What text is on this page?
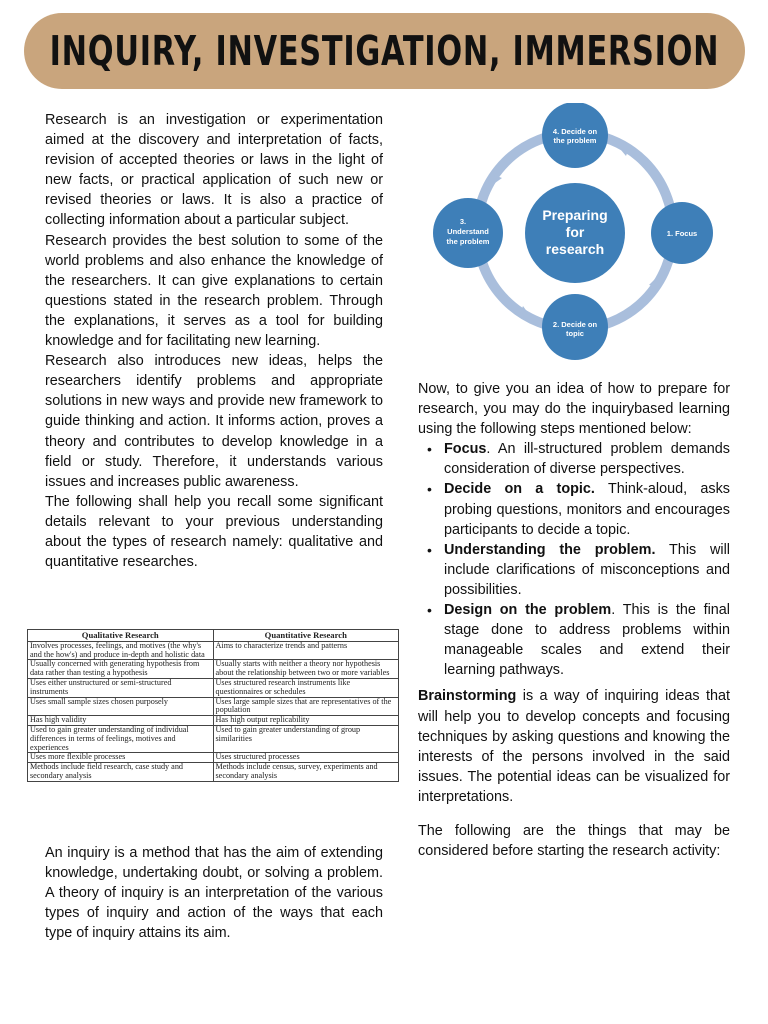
INQUIRY, INVESTIGATION, IMMERSION

Research is an investigation or experimentation aimed at the discovery and interpretation of facts, revision of accepted theories or laws in the light of new facts, or practical application of such new or revised theories or laws. It is also a practice of collecting information about a particular subject.

Research provides the best solution to some of the world problems and also enhance the knowledge of the researchers. It can give explanations to certain questions stated in the research problem. Through the explanations, it serves as a tool for building knowledge and for facilitating new learning.

Research also introduces new ideas, helps the researchers identify problems and appropriate solutions in new ways and provide new framework to guide thinking and action. It informs action, proves a theory and contributes to develop knowledge in a field or study. Therefore, it understands various issues and increases public awareness.

The following shall help you recall some significant details relevant to your previous understanding about the types of research namely: qualitative and quantitative researches.

Qualitative Research	Quantitative Research
Involves processes, feelings, and motives (the why's and the how's) and produce in-depth and holistic data	Aims to characterize trends and patterns
Usually concerned with generating hypothesis from data rather than testing a hypothesis	Usually starts with neither a theory nor hypothesis about the relationship between two or more variables
Uses either unstructured or semi-structured instruments	Uses structured research instruments like questionnaires or schedules
Uses small sample sizes chosen purposely	Uses large sample sizes that are representatives of the population
Has high validity	Has high output replicability
Used to gain greater understanding of individual differences in terms of feelings, motives and experiences	Used to gain greater understanding of group similarities
Uses more flexible processes	Uses structured processes
Methods include field research, case study and secondary analysis	Methods include census, survey, experiments and secondary analysis

An inquiry is a method that has the aim of extending knowledge, undertaking doubt, or solving a problem. A theory of inquiry is an interpretation of the various types of inquiry and action of the ways that each type of inquiry attains its aim.

Preparing
for
research
4. Decide on
the problem
1. Focus
2. Decide on
topic
3.
Understand
the problem

Now, to give you an idea of how to prepare for research, you may do the inquirybased learning using the following steps mentioned below:

• Focus. An ill-structured problem demands consideration of diverse perspectives.
• Decide on a topic. Think-aloud, asks probing questions, monitors and encourages participants to decide a topic.
• Understanding the problem. This will include clarifications of misconceptions and possibilities.
• Design on the problem. This is the final stage done to address problems within manageable scales and extend their learning pathways.

Brainstorming is a way of inquiring ideas that will help you to develop concepts and focusing techniques by asking questions and knowing the interests of the persons involved in the said issues. The potential ideas can be visualized for interpretations.

The following are the things that may be considered before starting the research activity:
